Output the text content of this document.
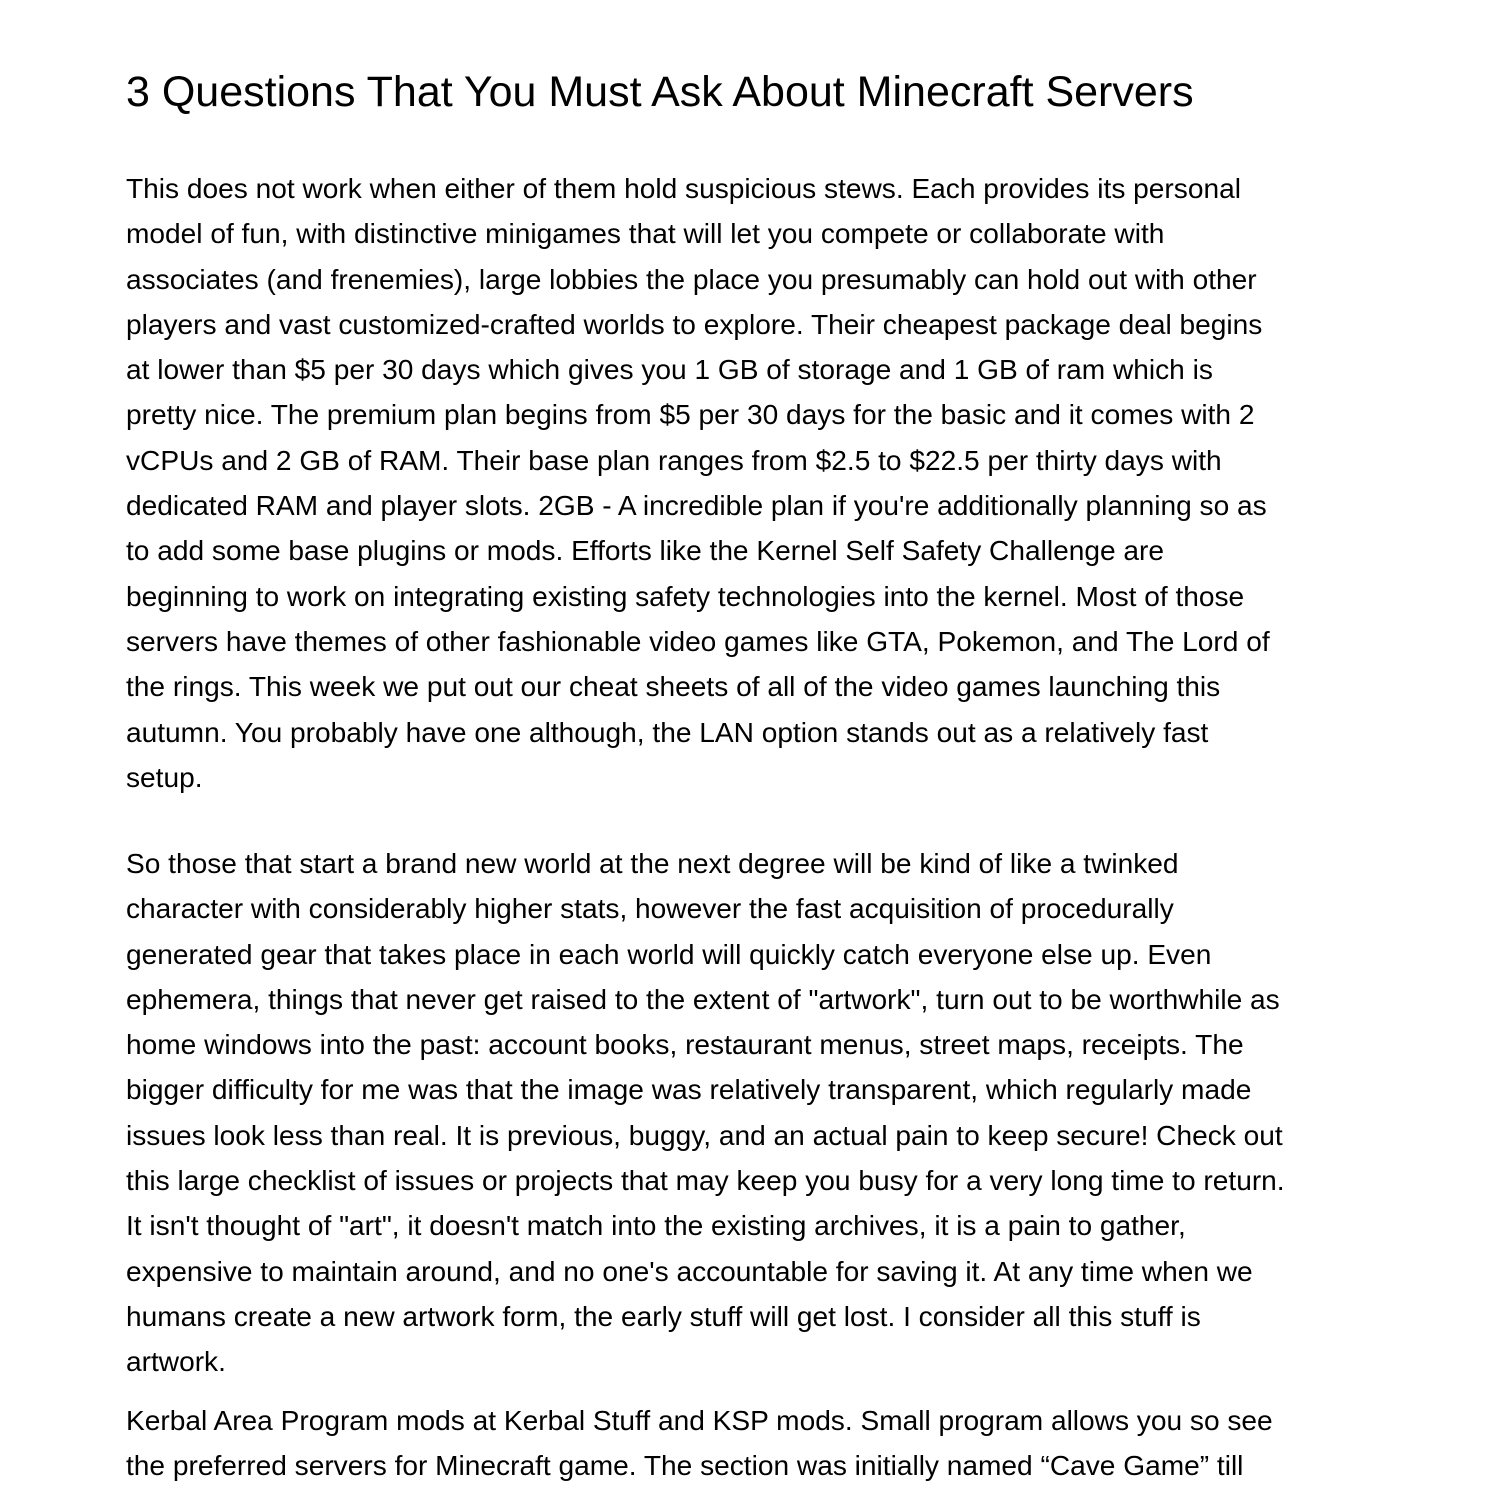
3 Questions That You Must Ask About Minecraft Servers
This does not work when either of them hold suspicious stews. Each provides its personal
model of fun, with distinctive minigames that will let you compete or collaborate with
associates (and frenemies), large lobbies the place you presumably can hold out with other
players and vast customized-crafted worlds to explore. Their cheapest package deal begins
at lower than $5 per 30 days which gives you 1 GB of storage and 1 GB of ram which is
pretty nice. The premium plan begins from $5 per 30 days for the basic and it comes with 2
vCPUs and 2 GB of RAM. Their base plan ranges from $2.5 to $22.5 per thirty days with
dedicated RAM and player slots. 2GB - A incredible plan if you're additionally planning so as
to add some base plugins or mods. Efforts like the Kernel Self Safety Challenge are
beginning to work on integrating existing safety technologies into the kernel. Most of those
servers have themes of other fashionable video games like GTA, Pokemon, and The Lord of
the rings. This week we put out our cheat sheets of all of the video games launching this
autumn. You probably have one although, the LAN option stands out as a relatively fast
setup.
So those that start a brand new world at the next degree will be kind of like a twinked
character with considerably higher stats, however the fast acquisition of procedurally
generated gear that takes place in each world will quickly catch everyone else up. Even
ephemera, things that never get raised to the extent of "artwork", turn out to be worthwhile as
home windows into the past: account books, restaurant menus, street maps, receipts. The
bigger difficulty for me was that the image was relatively transparent, which regularly made
issues look less than real. It is previous, buggy, and an actual pain to keep secure! Check out
this large checklist of issues or projects that may keep you busy for a very long time to return.
It isn't thought of "art", it doesn't match into the existing archives, it is a pain to gather,
expensive to maintain around, and no one's accountable for saving it. At any time when we
humans create a new artwork form, the early stuff will get lost. I consider all this stuff is
artwork.
Kerbal Area Program mods at Kerbal Stuff and KSP mods. Small program allows you so see
the preferred servers for Minecraft game. The section was initially named “Cave Game” till
